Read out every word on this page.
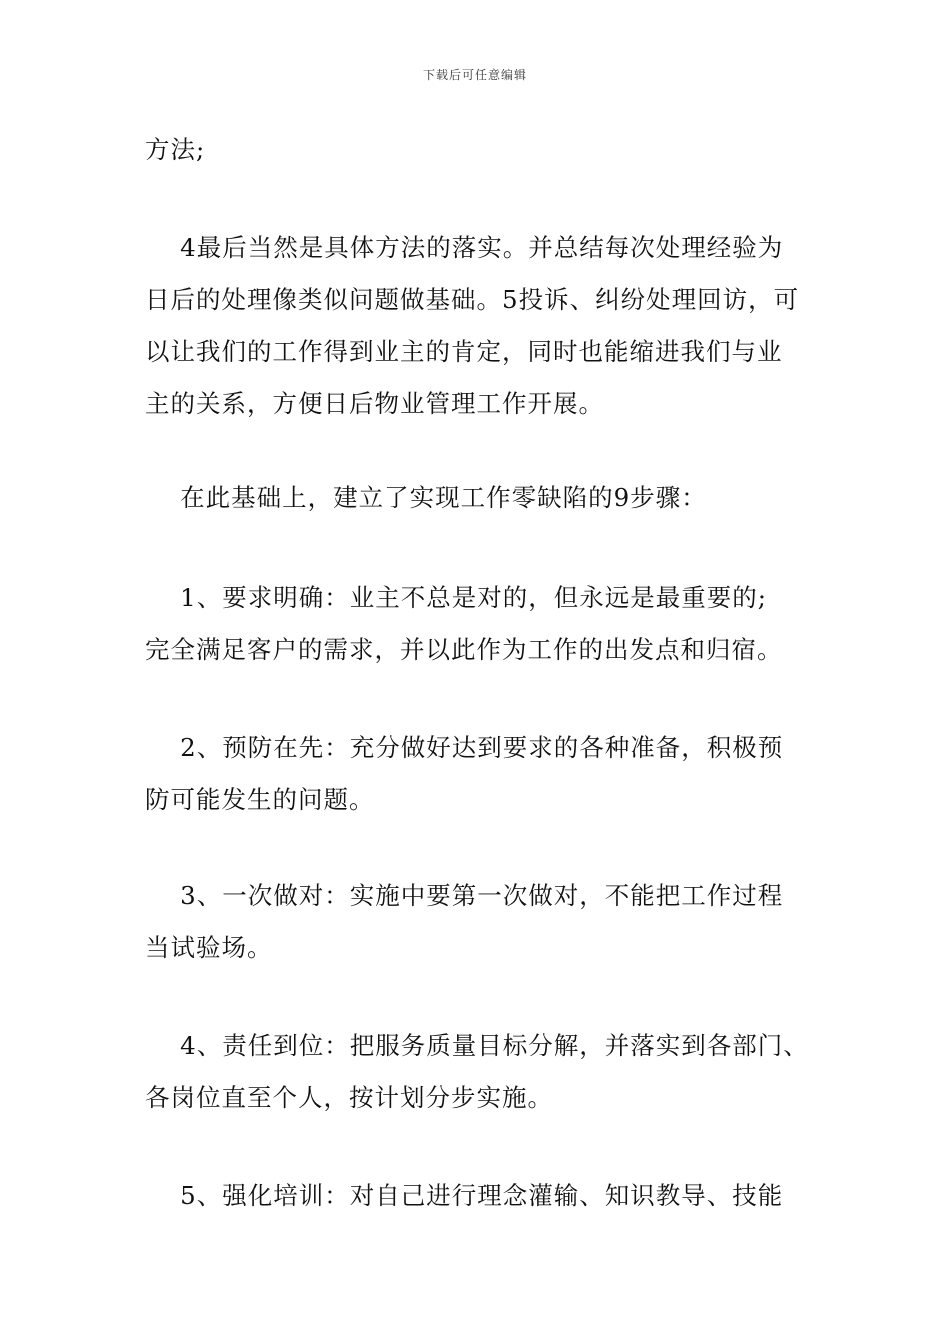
下载后可任意编辑
方法;
4最后当然是具体方法的落实。并总结每次处理经验为
日后的处理像类似问题做基础。5投诉、纠纷处理回访，可
以让我们的工作得到业主的肯定，同时也能缩进我们与业
主的关系，方便日后物业管理工作开展。
在此基础上，建立了实现工作零缺陷的9步骤：
1、要求明确：业主不总是对的，但永远是最重要的;
完全满足客户的需求，并以此作为工作的出发点和归宿。
2、预防在先：充分做好达到要求的各种准备，积极预
防可能发生的问题。
3、一次做对：实施中要第一次做对，不能把工作过程
当试验场。
4、责任到位：把服务质量目标分解，并落实到各部门、
各岗位直至个人，按计划分步实施。
5、强化培训：对自己进行理念灌输、知识教导、技能
